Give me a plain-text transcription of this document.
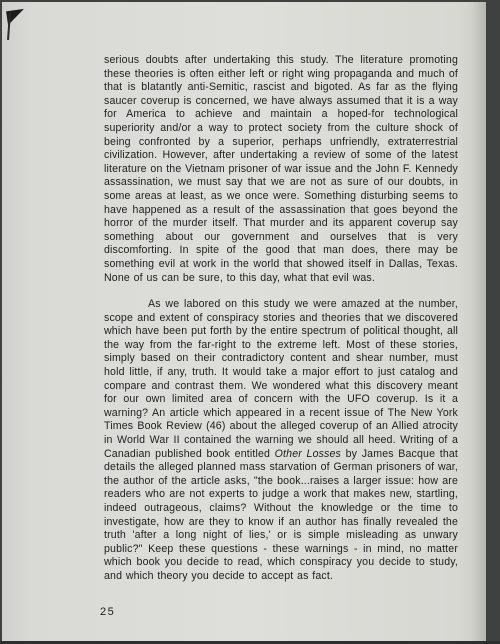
serious doubts after undertaking this study. The literature promoting these theories is often either left or right wing propaganda and much of that is blatantly anti-Semitic, rascist and bigoted. As far as the flying saucer coverup is concerned, we have always assumed that it is a way for America to achieve and maintain a hoped-for technological superiority and/or a way to protect society from the culture shock of being confronted by a superior, perhaps unfriendly, extraterrestrial civilization. However, after undertaking a review of some of the latest literature on the Vietnam prisoner of war issue and the John F. Kennedy assassination, we must say that we are not as sure of our doubts, in some areas at least, as we once were. Something disturbing seems to have happened as a result of the assassination that goes beyond the horror of the murder itself. That murder and its apparent coverup say something about our government and ourselves that is very discomforting. In spite of the good that man does, there may be something evil at work in the world that showed itself in Dallas, Texas. None of us can be sure, to this day, what that evil was.

As we labored on this study we were amazed at the number, scope and extent of conspiracy stories and theories that we discovered which have been put forth by the entire spectrum of political thought, all the way from the far-right to the extreme left. Most of these stories, simply based on their contradictory content and shear number, must hold little, if any, truth. It would take a major effort to just catalog and compare and contrast them. We wondered what this discovery meant for our own limited area of concern with the UFO coverup. Is it a warning? An article which appeared in a recent issue of The New York Times Book Review (46) about the alleged coverup of an Allied atrocity in World War II contained the warning we should all heed. Writing of a Canadian published book entitled Other Losses by James Bacque that details the alleged planned mass starvation of German prisoners of war, the author of the article asks, "the book...raises a larger issue: how are readers who are not experts to judge a work that makes new, startling, indeed outrageous, claims? Without the knowledge or the time to investigate, how are they to know if an author has finally revealed the truth 'after a long night of lies,' or is simple misleading as unwary public?" Keep these questions - these warnings - in mind, no matter which book you decide to read, which conspiracy you decide to study, and which theory you decide to accept as fact.

25
